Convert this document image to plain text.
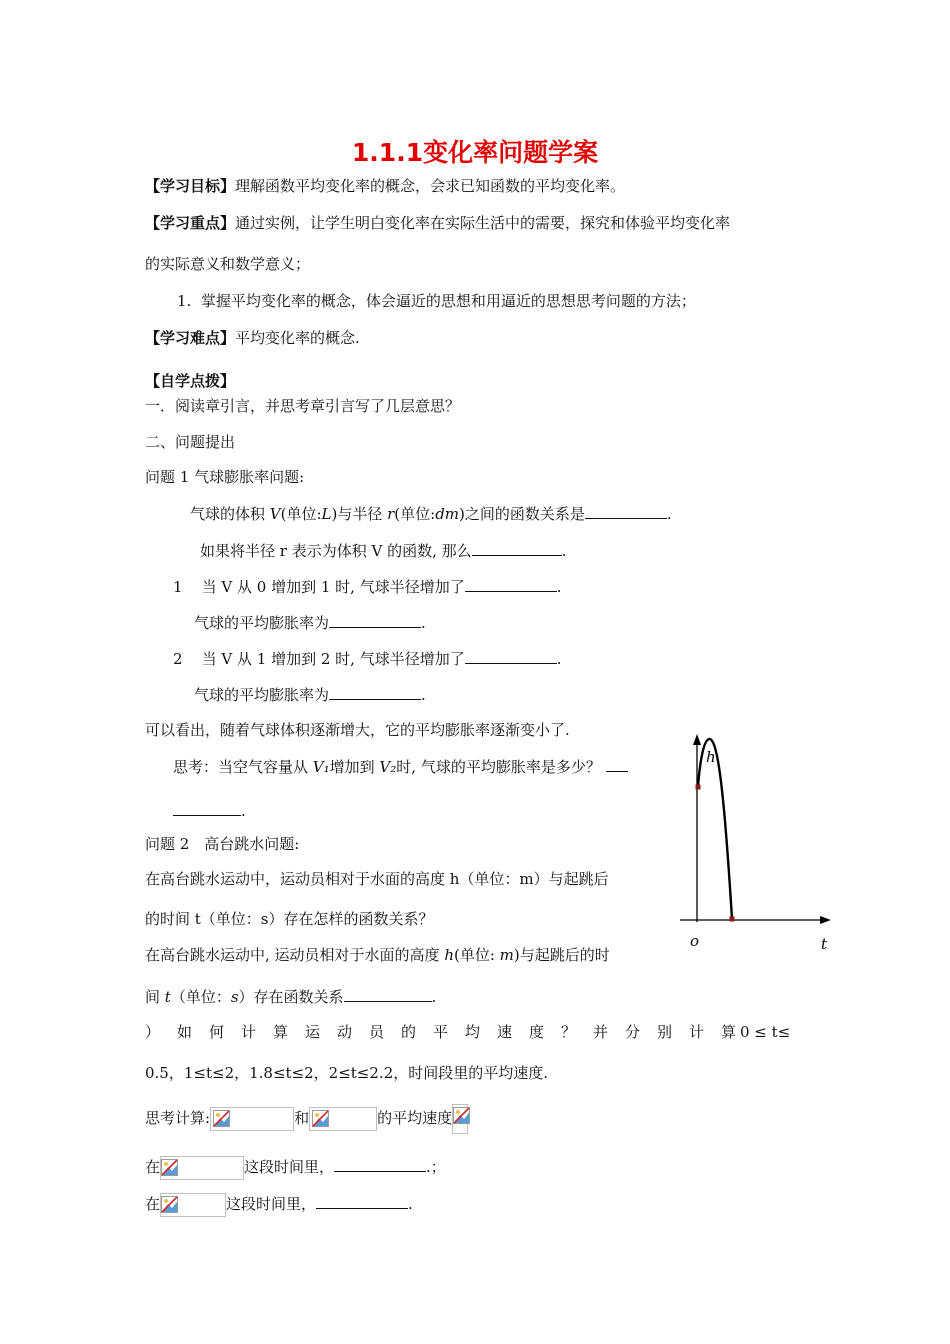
1.1.1变化率问题学案
【学习目标】理解函数平均变化率的概念，会求已知函数的平均变化率。
【学习重点】通过实例，让学生明白变化率在实际生活中的需要，探究和体验平均变化率
的实际意义和数学意义；
1. 掌握平均变化率的概念，体会逼近的思想和用逼近的思想思考问题的方法；
【学习难点】平均变化率的概念.
【自学点拨】
一．阅读章引言，并思考章引言写了几层意思？
二、问题提出
问题 1 气球膨胀率问题:
气球的体积 V(单位:L)与半径 r(单位:dm)之间的函数关系是	.
如果将半径 r 表示为体积 V 的函数, 那么	.
1 当 V 从 0 增加到 1 时, 气球半径增加了	.
气球的平均膨胀率为	.
2 当 V 从 1 增加到 2 时, 气球半径增加了	.
气球的平均膨胀率为	.
可以看出，随着气球体积逐渐增大，它的平均膨胀率逐渐变小了.
思考：当空气容量从 V₁增加到 V₂时, 气球的平均膨胀率是多少？
.
问题 2　高台跳水问题:
在高台跳水运动中，运动员相对于水面的高度 h（单位：m）与起跳后
的时间 t（单位：s）存在怎样的函数关系？
在高台跳水运动中, 运动员相对于水面的高度 h(单位: m)与起跳后的时
间 t（单位：s）存在函数关系	.
）如何计算运动员的平均速度？并分别计算
0 ≤ t≤
0.5，1≤t≤2，1.8≤t≤2，2≤t≤2.2，时间段里的平均速度.
思考计算:	和	的平均速度
在	这段时间里，	.；
在	这段时间里，	.
h
t
o
